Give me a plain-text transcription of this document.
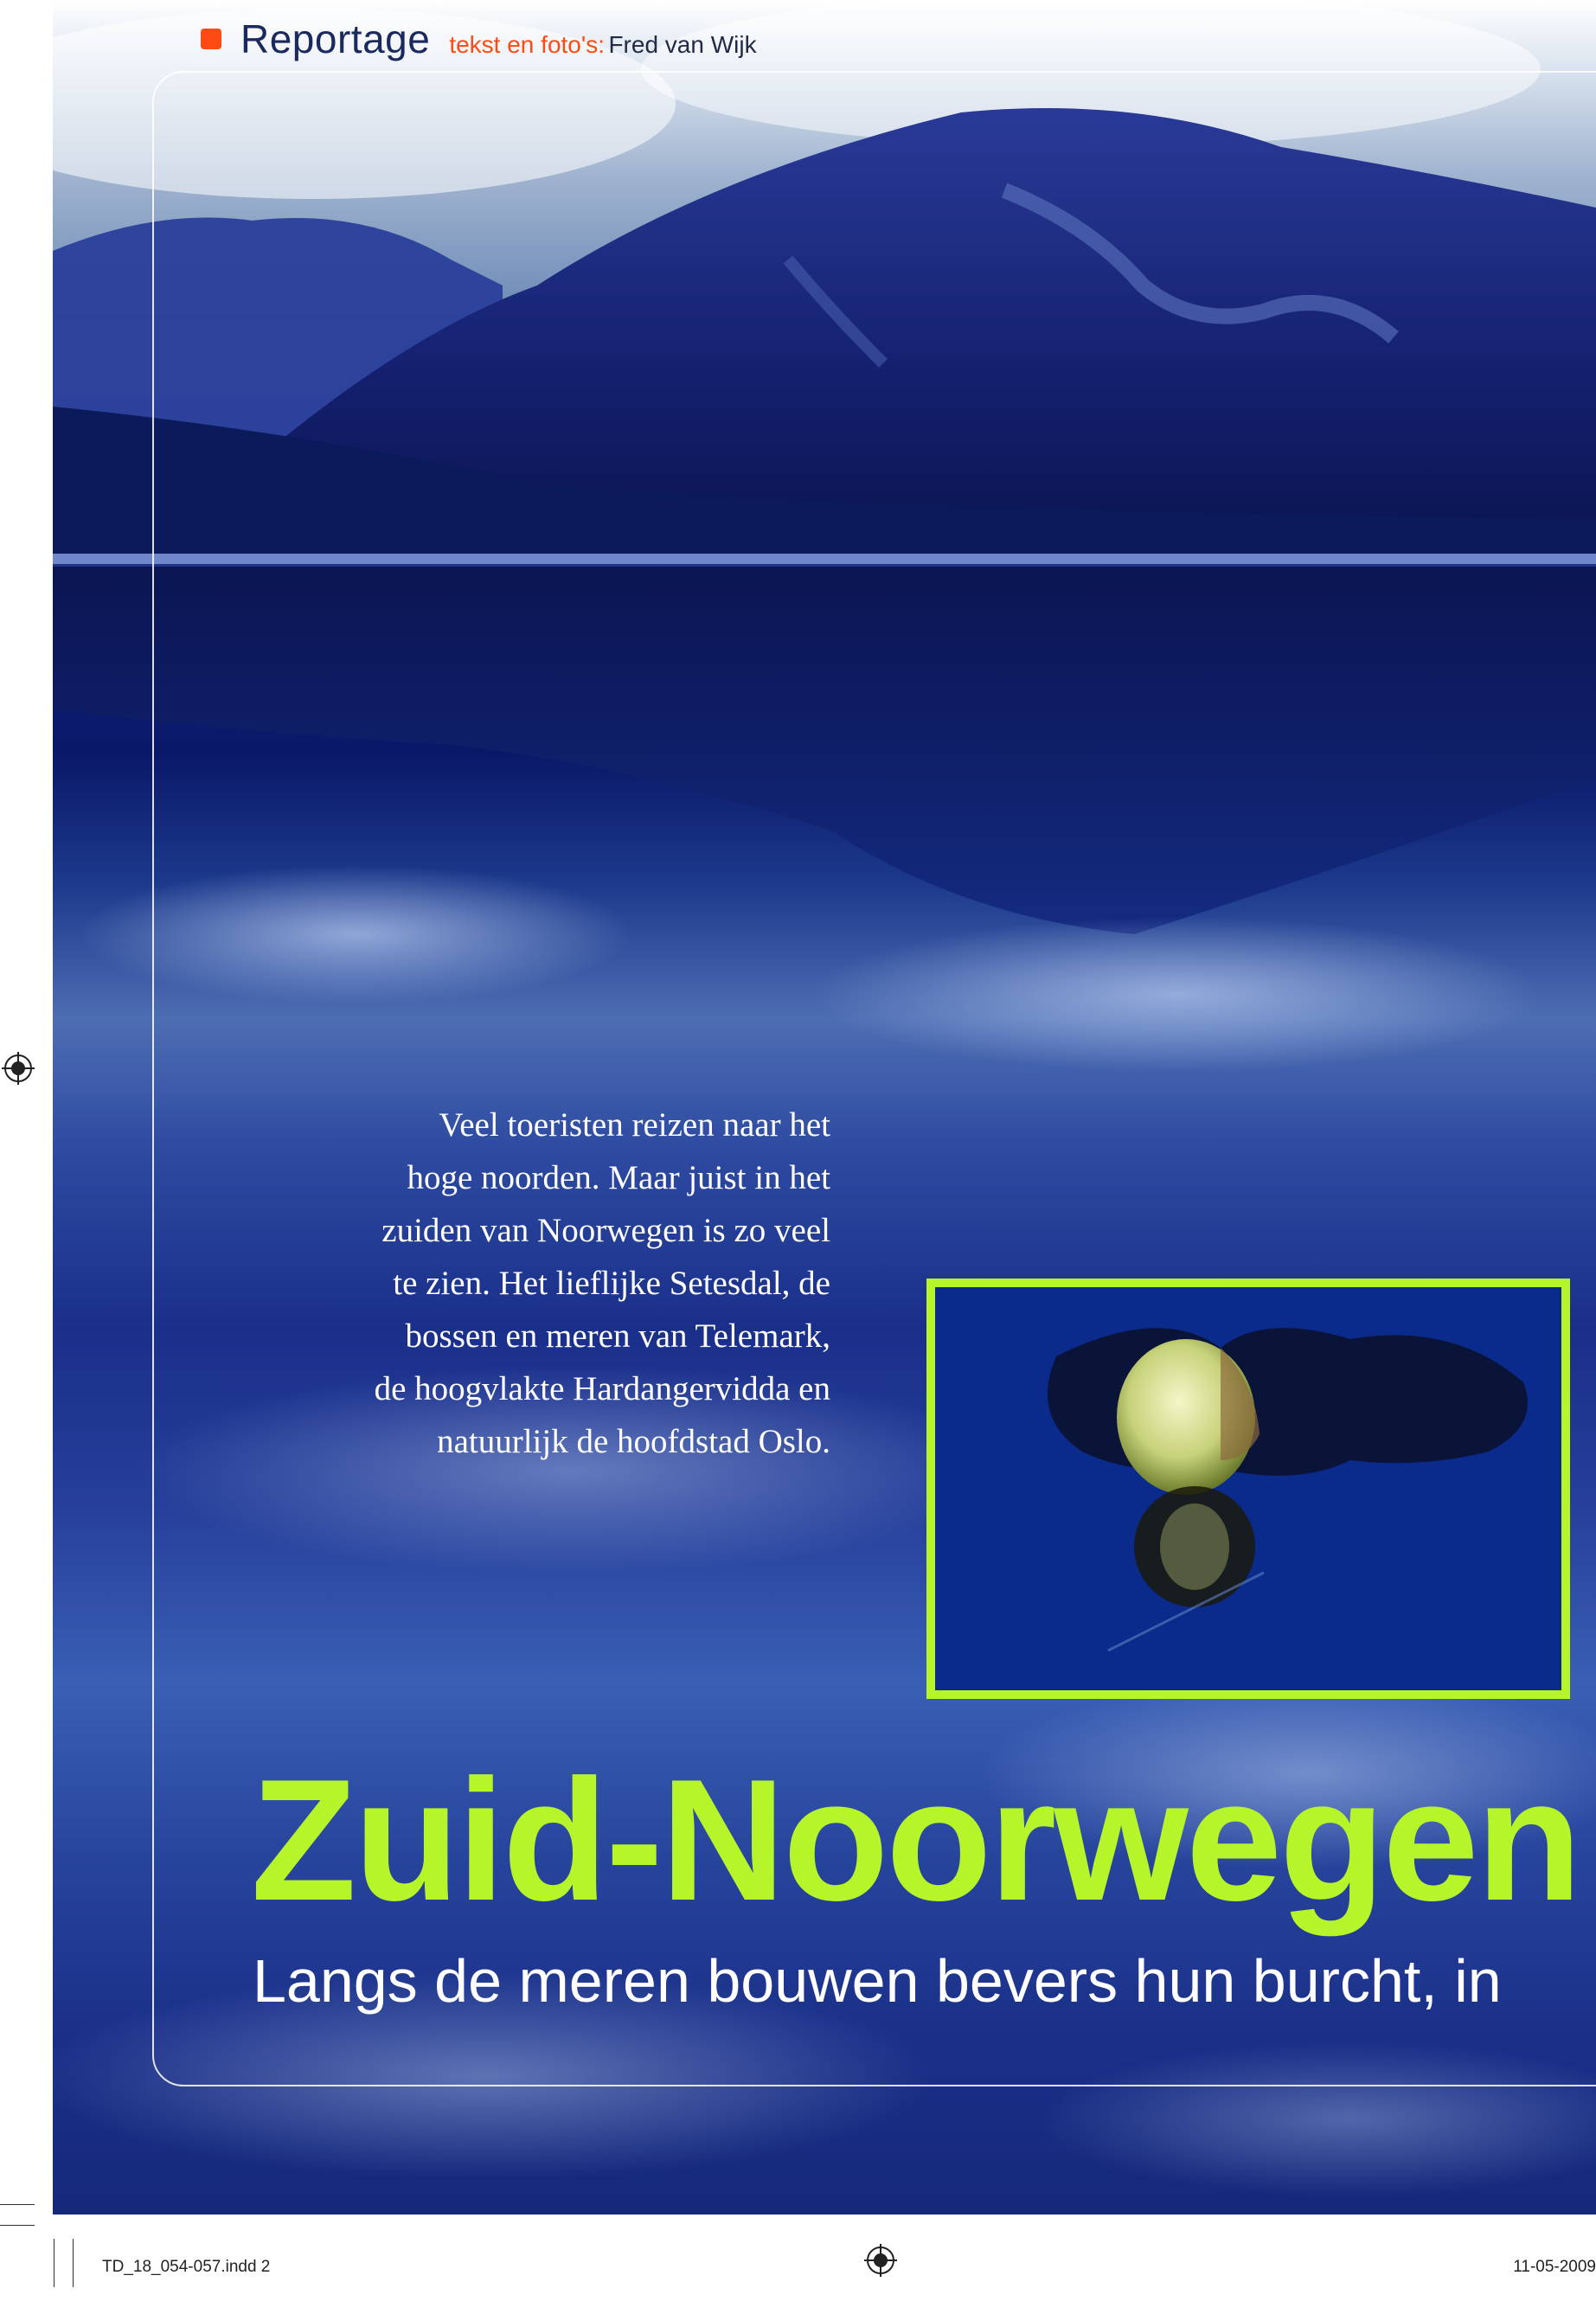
Reportage tekst en foto's: Fred van Wijk
Veel toeristen reizen naar het
hoge noorden. Maar juist in het
zuiden van Noorwegen is zo veel
te zien. Het lieflijke Setesdal, de
bossen en meren van Telemark,
de hoogvlakte Hardangervidda en
natuurlijk de hoofdstad Oslo.
Zuid-Noorwegen
Langs de meren bouwen bevers hun burcht, in
TD_18_054-057.indd 2	11-05-2009
